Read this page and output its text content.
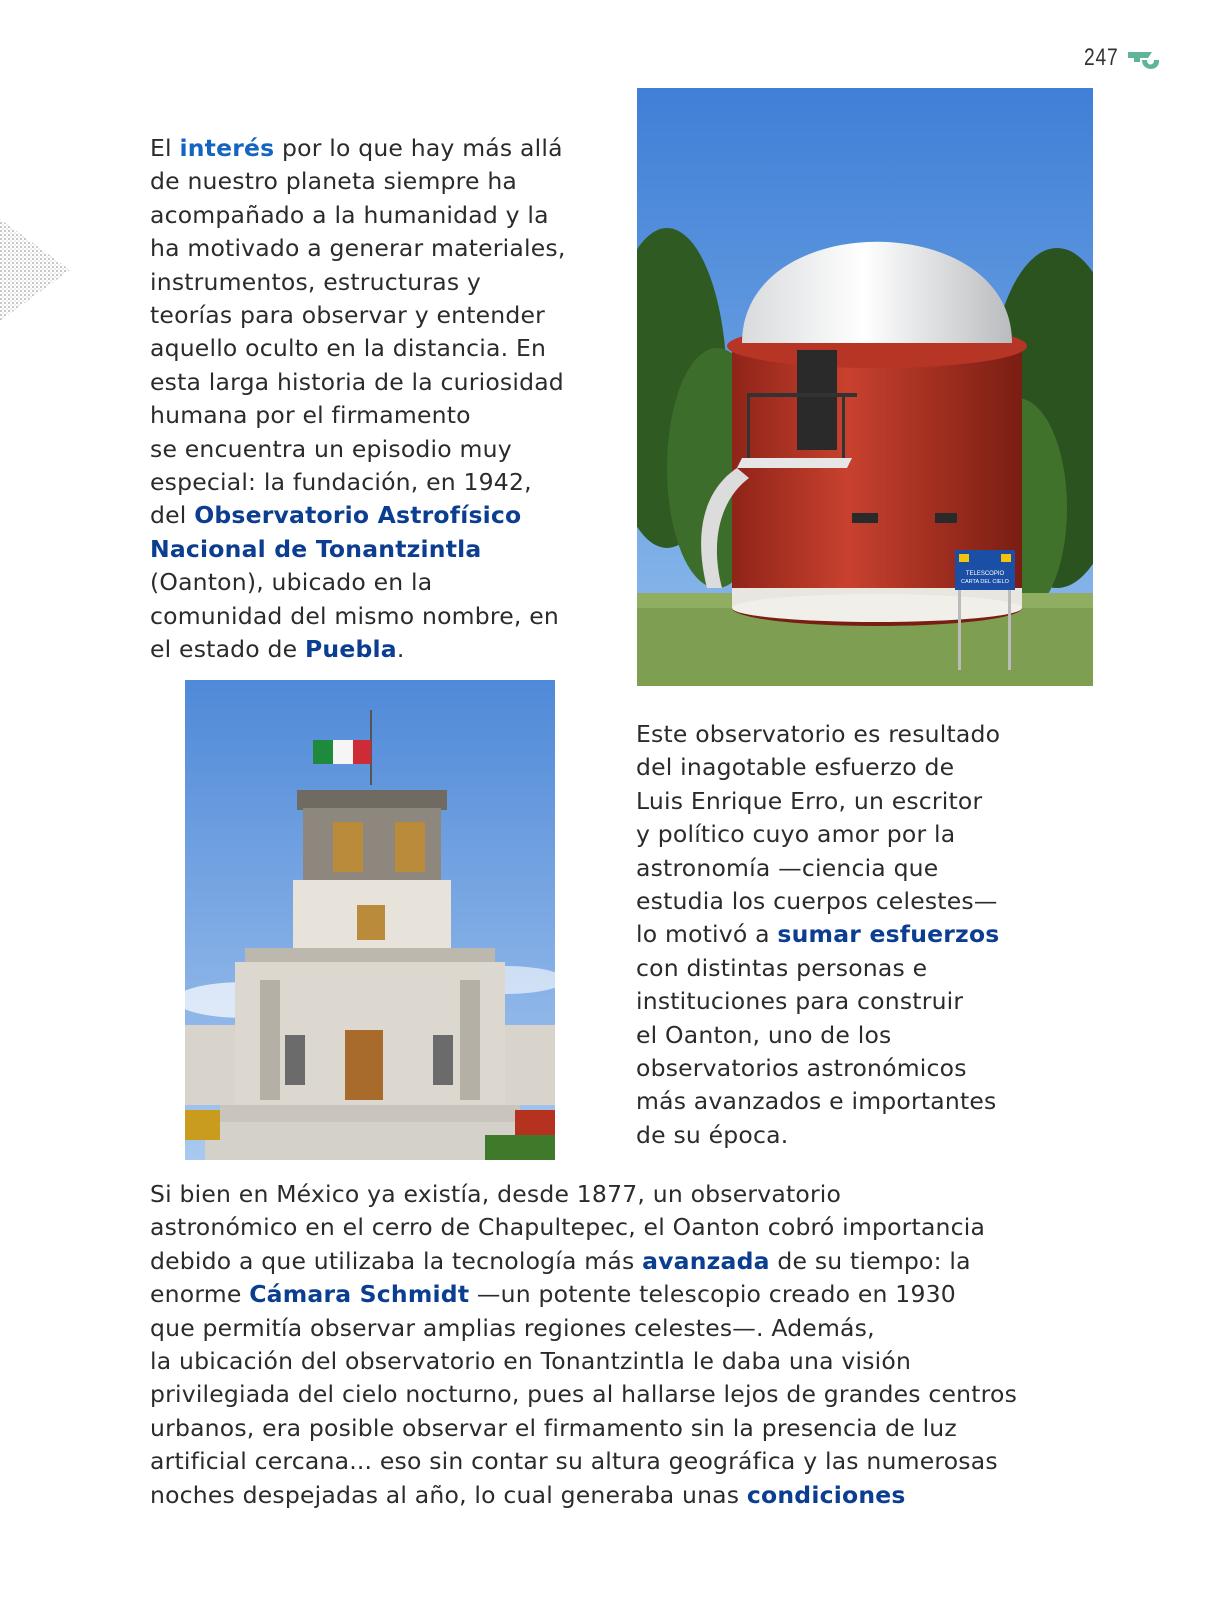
247

El interés por lo que hay más allá
de nuestro planeta siempre ha
acompañado a la humanidad y la
ha motivado a generar materiales,
instrumentos, estructuras y
teorías para observar y entender
aquello oculto en la distancia. En
esta larga historia de la curiosidad
humana por el firmamento
se encuentra un episodio muy
especial: la fundación, en 1942,
del Observatorio Astrofísico
Nacional de Tonantzintla
(Oanton), ubicado en la
comunidad del mismo nombre, en
el estado de Puebla.

TELESCOPIO
CARTA DEL CIELO

Este observatorio es resultado
del inagotable esfuerzo de
Luis Enrique Erro, un escritor
y político cuyo amor por la
astronomía —ciencia que
estudia los cuerpos celestes—
lo motivó a sumar esfuerzos
con distintas personas e
instituciones para construir
el Oanton, uno de los
observatorios astronómicos
más avanzados e importantes
de su época.

Si bien en México ya existía, desde 1877, un observatorio
astronómico en el cerro de Chapultepec, el Oanton cobró importancia
debido a que utilizaba la tecnología más avanzada de su tiempo: la
enorme Cámara Schmidt —un potente telescopio creado en 1930
que permitía observar amplias regiones celestes—. Además,
la ubicación del observatorio en Tonantzintla le daba una visión
privilegiada del cielo nocturno, pues al hallarse lejos de grandes centros
urbanos, era posible observar el firmamento sin la presencia de luz
artificial cercana... eso sin contar su altura geográfica y las numerosas
noches despejadas al año, lo cual generaba unas condiciones
